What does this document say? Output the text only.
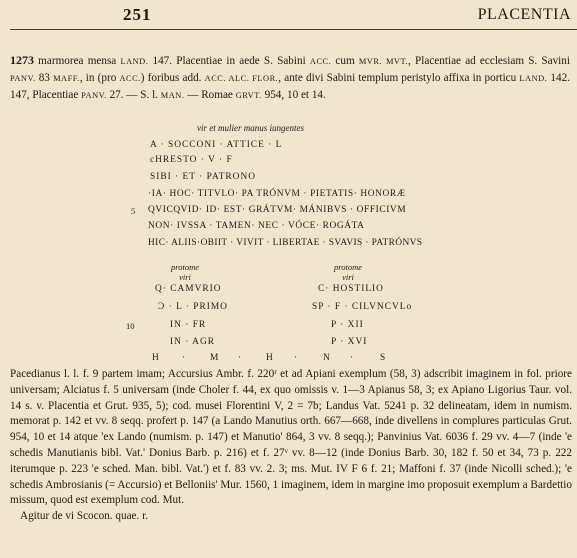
251	PLACENTIA
1273 marmorea mensa LAND. 147. Placentiae in aede S. Sabini ACC. cum MVR. MVT., Placentiae ad ecclesiam S. Savini PANV. 83 MAFF., in (pro ACC.) foribus add. ACC. ALC. FLOR., ante divi Sabini templum peristylo affixa in porticu LAND. 142. 147, Placentiae PANV. 27. — S. l. MAN. — Romae GRVT. 954, 10 et 14.
vir et mulier manus iungentes
A · SOCCONI · ATTICE · L
cHRESTO · V · F
SIBI · ET · PATRONO
·IA· HOC· TITVLO· PA TRÓNVM · PIETATIS· HONORÆ
5 QVICQVID· ID· EST· GRÁTVM· MÁNIBVS · OFFICIVM
NON· IVSSA · TAMEN· NEC · VÓCE· ROGÁTA
HIC· ALIIS·OBIIT · VIVIT · LIBERTAE · SVAVIS · PATRÓNVS
protome
viri
protome
viri
Q· CAMVRIO
Ͻ · L · PRIMO
10	IN · FR
IN · AGR
C· HOSTILIO
SP · F · CILVNCVLo
P · XII
P · XVI
H ·	M ·	H ·	N ·	S

Pacedianus l. l. f. 9 partem imam; Accursius Ambr. f. 220ʳ et ad Apiani exemplum (58, 3) adscribit imaginem in fol. priore universam; Alciatus f. 5 universam (inde Choler f. 44, ex quo omissis v. 1—3 Apianus 58, 3; ex Apiano Ligorius Taur. vol. 14 s. v. Placentia et Grut. 935, 5); cod. musei Florentini V, 2 = 7b; Landus Vat. 5241 p. 32 delineatam, idem in numism. memorat p. 142 et vv. 8 seqq. profert p. 147 (a Lando Manutius orth. 667—668, inde divellens in complures particulas Grut. 954, 10 et 14 atque 'ex Lando (numism. p. 147) et Manutio' 864, 3 vv. 8 seqq.); Panvinius Vat. 6036 f. 29 vv. 4—7 (inde 'e schedis Manutianis bibl. Vat.' Donius Barb. p. 216) et f. 27ᵛ vv. 8—12 (inde Donius Barb. 30, 182 f. 50 et 34, 73 p. 222 iterumque p. 223 'e sched. Man. bibl. Vat.') et f. 83 vv. 2. 3; ms. Mut. IV F 6 f. 21; Maffoni f. 37 (inde Nicolli sched.); 'e schedis Ambrosianis (= Accursio) et Belloniis' Mur. 1560, 1 imaginem, idem in margine imo proposuit exemplum a Bardettio missum, quod est exemplum cod. Mut.

Agitur de vi Scocon. quae. r.
